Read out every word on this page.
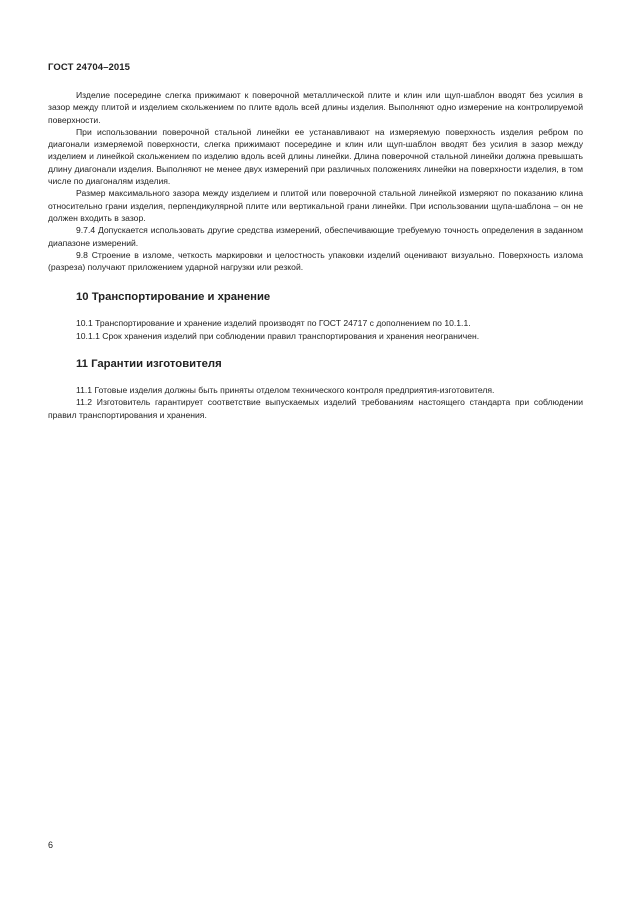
ГОСТ 24704–2015

Изделие посередине слегка прижимают к поверочной металлической плите и клин или щуп-шаблон вводят без усилия в зазор между плитой и изделием скольжением по плите вдоль всей длины изделия. Выполняют одно измерение на контролируемой поверхности.

При использовании поверочной стальной линейки ее устанавливают на измеряемую поверхность изделия ребром по диагонали измеряемой поверхности, слегка прижимают посередине и клин или щуп-шаблон вводят без усилия в зазор между изделием и линейкой скольжением по изделию вдоль всей длины линейки. Длина поверочной стальной линейки должна превышать длину диагонали изделия. Выполняют не менее двух измерений при различных положениях линейки на поверхности изделия, в том числе по диагоналям изделия.

Размер максимального зазора между изделием и плитой или поверочной стальной линейкой измеряют по показанию клина относительно грани изделия, перпендикулярной плите или вертикальной грани линейки. При использовании щупа-шаблона – он не должен входить в зазор.

9.7.4 Допускается использовать другие средства измерений, обеспечивающие требуемую точность определения в заданном диапазоне измерений.

9.8 Строение в изломе, четкость маркировки и целостность упаковки изделий оценивают визуально. Поверхность излома (разреза) получают приложением ударной нагрузки или резкой.

10 Транспортирование и хранение

10.1 Транспортирование и хранение изделий производят по ГОСТ 24717 с дополнением по 10.1.1.

10.1.1 Срок хранения изделий при соблюдении правил транспортирования и хранения неограничен.

11 Гарантии изготовителя

11.1 Готовые изделия должны быть приняты отделом технического контроля предприятия-изготовителя.

11.2 Изготовитель гарантирует соответствие выпускаемых изделий требованиям настоящего стандарта при соблюдении правил транспортирования и хранения.

6
